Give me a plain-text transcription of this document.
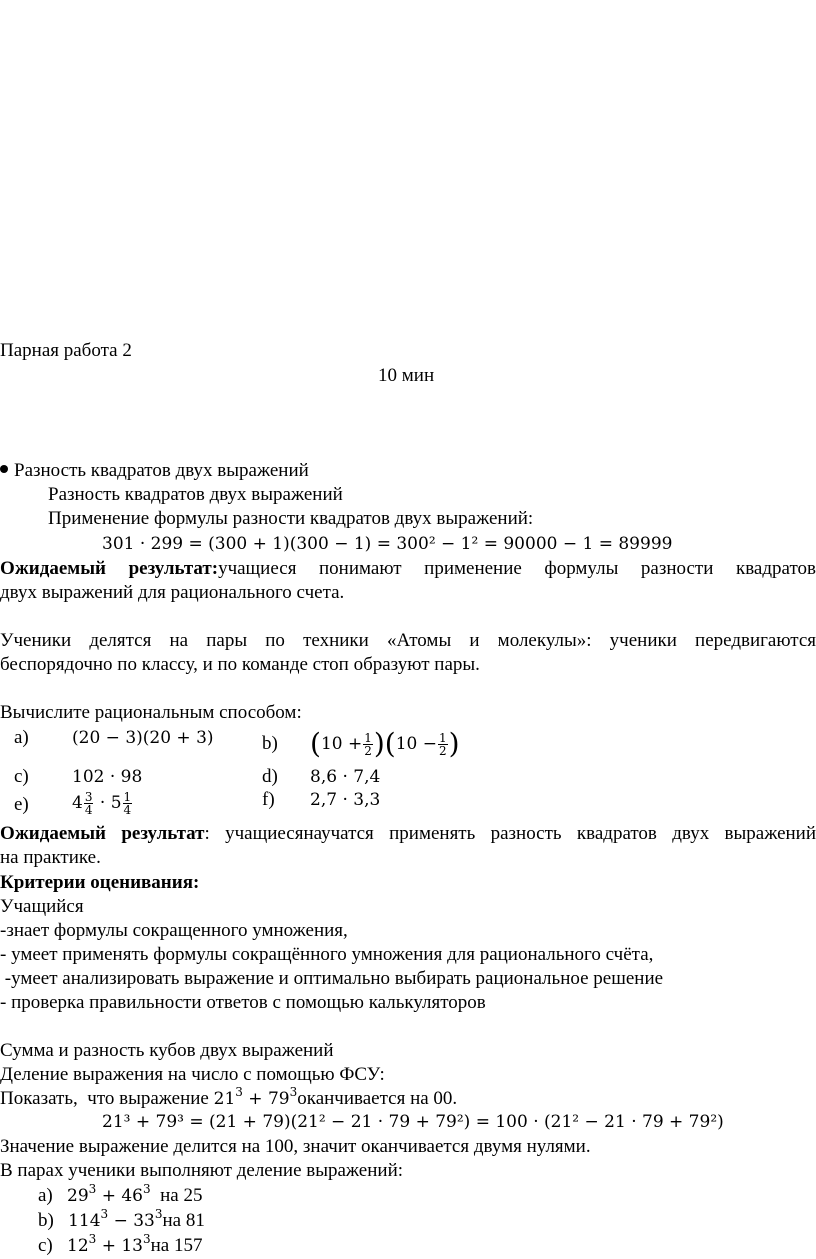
Парная работа 2
10 мин
Разность квадратов двух выражений
Разность квадратов двух выражений
Применение формулы разности квадратов двух выражений:
301 · 299 = (300 + 1)(300 − 1) = 300² − 1² = 90000 − 1 = 89999
Ожидаемый результат:учащиеся понимают применение формулы разности квадратов
двух выражений для рационального счета.
Ученики делятся на пары по техники «Атомы и молекулы»: ученики передвигаются
беспорядочно по классу, и по команде стоп образуют пары.
Вычислите рациональным способом:
a)	(20 − 3)(20 + 3)	b) $(10 + \frac{1}{2} )(10 - \frac{1}{2}$ )
c)	102 · 98	d) 8,6 · 7,4
e)	$4 \frac{3}{4} \cdot 5 \frac{1}{4}$	f) 2,7 · 3,3
Ожидаемый результат: учащиесянаучатся применять разность квадратов двух выражений
на практике.
Критерии оценивания:
Учащийся
-знает формулы сокращенного умножения,
- умеет применять формулы сокращённого умножения для рационального счёта,
-умеет анализировать выражение и оптимально выбирать рациональное решение
- проверка правильности ответов с помощью калькуляторов
Сумма и разность кубов двух выражений
Деление выражения на число с помощью ФСУ:
Показать,  что выражение $21^3$ + $79^3оканчивается$ на 00.
21³ + 79³ = (21 + 79)(21² − 21 · 79 + 79²) = 100 · (21² − 21 · 79 + 79²)
Значение выражение делится на 100, значит оканчивается двумя нулями.
В парах ученики выполняют деление выражений:
a) $29^3 + 46^3$  на 25
b) $114^3 - 33^3на$ 81
c) $12^3 + 13^3на$ 157
